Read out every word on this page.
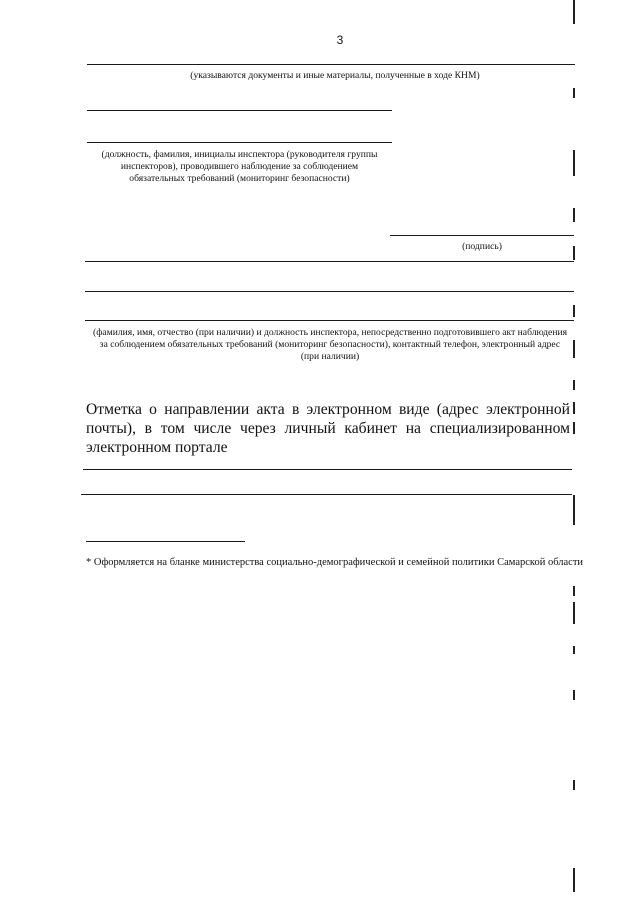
3
(указываются документы и иные материалы, полученные в ходе КНМ)
(должность, фамилия, инициалы инспектора (руководителя группы инспекторов), проводившего наблюдение за соблюдением обязательных требований (мониторинг безопасности)
(подпись)
(фамилия, имя, отчество (при наличии) и должность инспектора, непосредственно подготовившего акт наблюдения за соблюдением обязательных требований (мониторинг безопасности), контактный телефон, электронный адрес (при наличии)
Отметка о направлении акта в электронном виде (адрес электронной почты), в том числе через личный кабинет на специализированном электронном портале
* Оформляется на бланке министерства социально-демографической и семейной политики Самарской области
